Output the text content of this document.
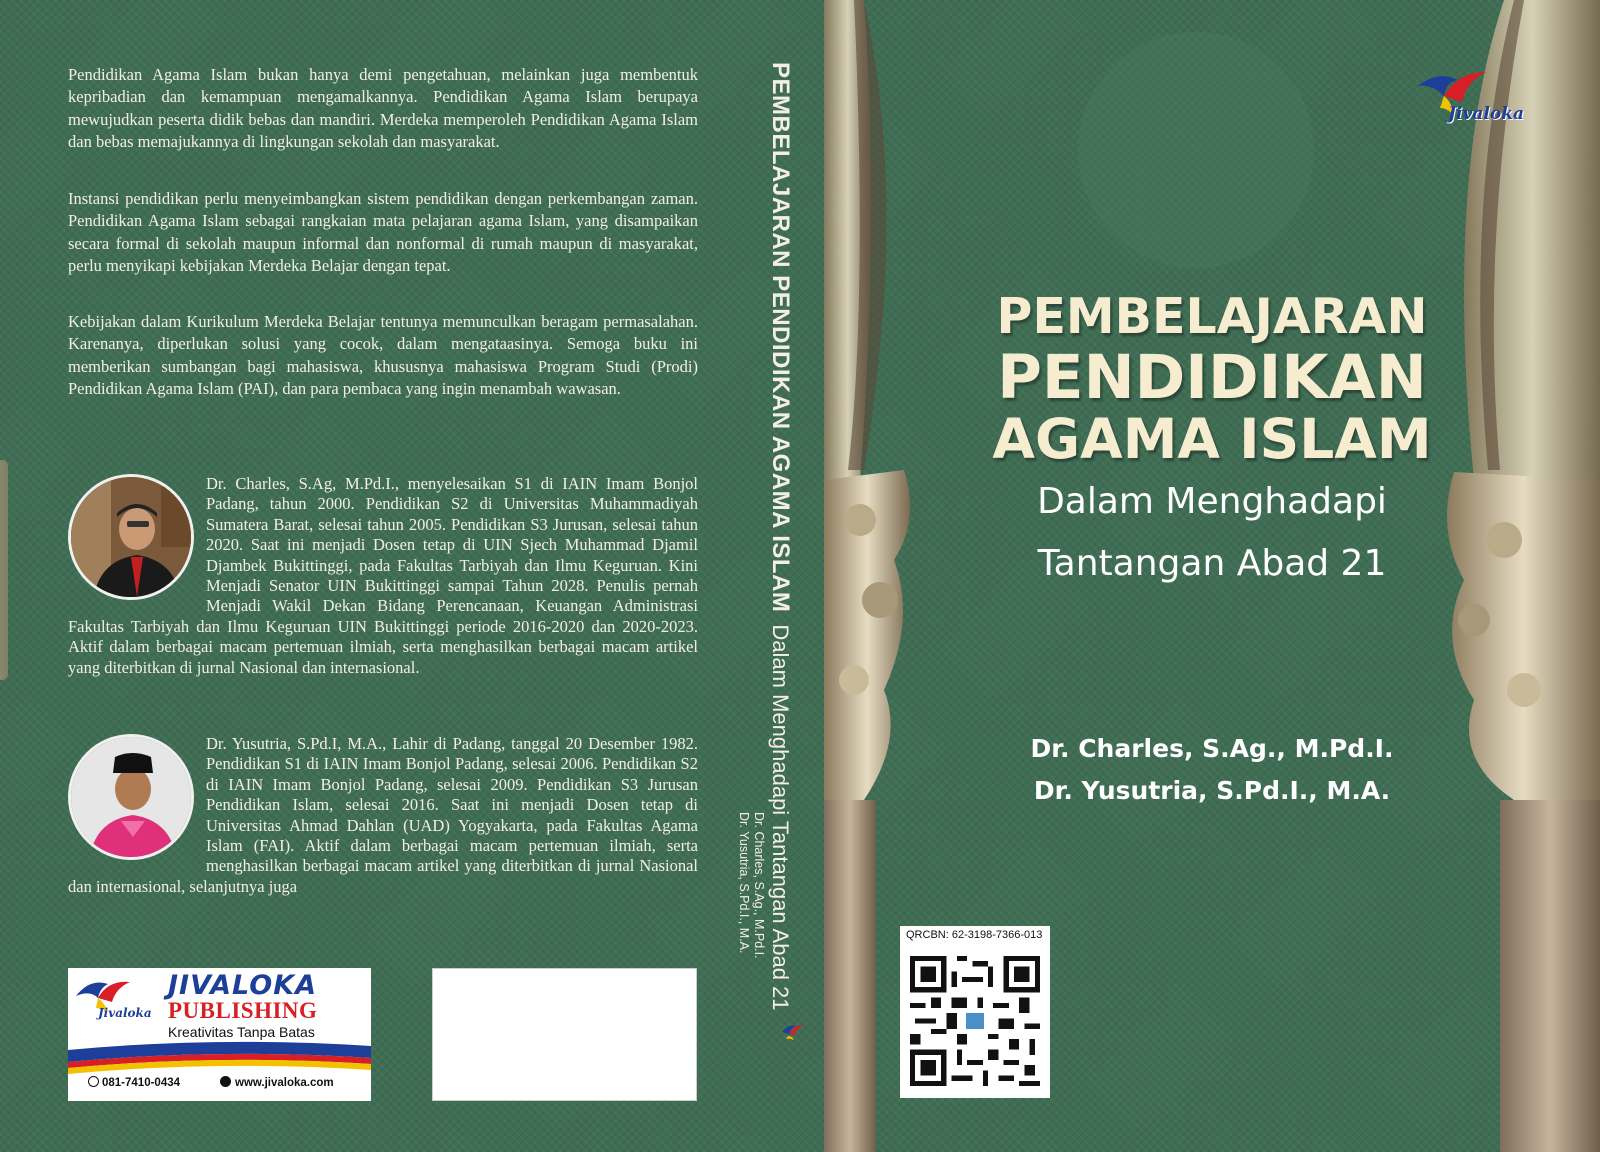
Pendidikan Agama Islam bukan hanya demi pengetahuan, melainkan juga membentuk kepribadian dan kemampuan mengamalkannya. Pendidikan Agama Islam berupaya mewujudkan peserta didik bebas dan mandiri. Merdeka memperoleh Pendidikan Agama Islam dan bebas memajukannya di lingkungan sekolah dan masyarakat.

Instansi pendidikan perlu menyeimbangkan sistem pendidikan dengan perkembangan zaman. Pendidikan Agama Islam sebagai rangkaian mata pelajaran agama Islam, yang disampaikan secara formal di sekolah maupun informal dan nonformal di rumah maupun di masyarakat, perlu menyikapi kebijakan Merdeka Belajar dengan tepat.

Kebijakan dalam Kurikulum Merdeka Belajar tentunya memunculkan beragam permasalahan. Karenanya, diperlukan solusi yang cocok, dalam mengataasinya. Semoga buku ini memberikan sumbangan bagi mahasiswa, khususnya mahasiswa Program Studi (Prodi) Pendidikan Agama Islam (PAI), dan para pembaca yang ingin menambah wawasan.

Dr. Charles, S.Ag, M.Pd.I., menyelesaikan S1 di IAIN Imam Bonjol Padang, tahun 2000. Pendidikan S2 di Universitas Muhammadiyah Sumatera Barat, selesai tahun 2005. Pendidikan S3 Jurusan, selesai tahun 2020. Saat ini menjadi Dosen tetap di UIN Sjech Muhammad Djamil Djambek Bukittinggi, pada Fakultas Tarbiyah dan Ilmu Keguruan. Kini Menjadi Senator UIN Bukittinggi sampai Tahun 2028. Penulis pernah Menjadi Wakil Dekan Bidang Perencanaan, Keuangan Administrasi Fakultas Tarbiyah dan Ilmu Keguruan UIN Bukittinggi periode 2016-2020 dan 2020-2023. Aktif dalam berbagai macam pertemuan ilmiah, serta menghasilkan berbagai macam artikel yang diterbitkan di jurnal Nasional dan internasional.
Dr. Yusutria, S.Pd.I, M.A., Lahir di Padang, tanggal 20 Desember 1982. Pendidikan S1 di IAIN Imam Bonjol Padang, selesai 2006. Pendidikan S2 di IAIN Imam Bonjol Padang, selesai 2009. Pendidikan S3 Jurusan Pendidikan Islam, selesai 2016. Saat ini menjadi Dosen tetap di Universitas Ahmad Dahlan (UAD) Yogyakarta, pada Fakultas Agama Islam (FAI). Aktif dalam berbagai macam pertemuan ilmiah, serta menghasilkan berbagai macam artikel yang diterbitkan di jurnal Nasional dan internasional, selanjutnya juga
Jivaloka
JIVALOKA
PUBLISHING
Kreativitas Tanpa Batas
081-7410-0434	www.jivaloka.com
PEMBELAJARAN PENDIDIKAN AGAMA ISLAMDalam Menghadapi Tantangan Abad 21
Dr. Charles, S.Ag., M.Pd.I.
Dr. Yusutria, S.Pd.I., M.A.
Jivaloka
PEMBELAJARAN
PENDIDIKAN
AGAMA ISLAM

Dalam Menghadapi

Tantangan Abad 21

Dr. Charles, S.Ag., M.Pd.I.

Dr. Yusutria, S.Pd.I., M.A.

QRCBN: 62-3198-7366-013
